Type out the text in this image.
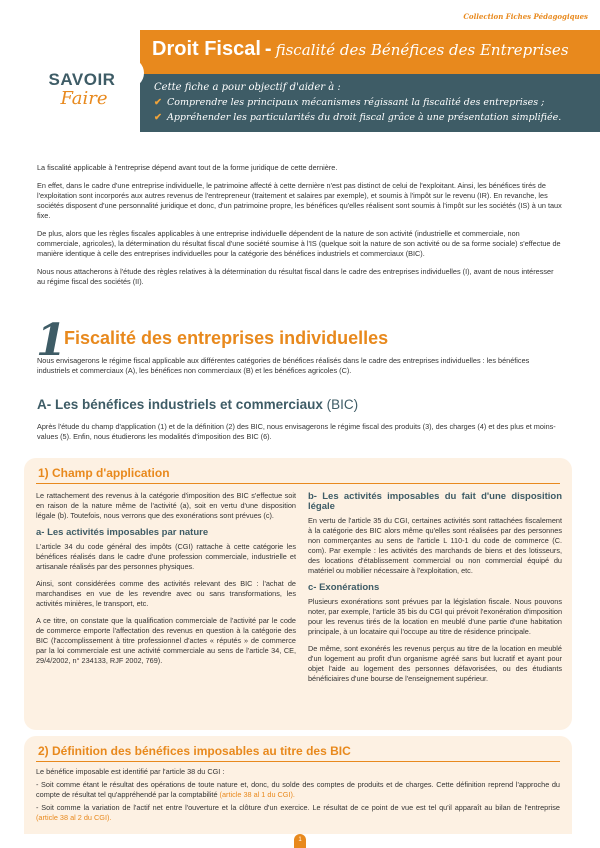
Collection Fiches Pédagogiques
SAVOIR
Faire
Droit Fiscal - fiscalité des Bénéfices des Entreprises
Cette fiche a pour objectif d'aider à :
✔ Comprendre les principaux mécanismes régissant la fiscalité des entreprises ;
✔ Appréhender les particularités du droit fiscal grâce à une présentation simplifiée.

La fiscalité applicable à l'entreprise dépend avant tout de la forme juridique de cette dernière.

En effet, dans le cadre d'une entreprise individuelle, le patrimoine affecté à cette dernière n'est pas distinct de celui de l'exploitant. Ainsi, les bénéfices tirés de l'exploitation sont incorporés aux autres revenus de l'entrepreneur (traitement et salaires par exemple), et soumis à l'impôt sur le revenu (IR). En revanche, les sociétés disposent d'une personnalité juridique et donc, d'un patrimoine propre, les bénéfices qu'elles réalisent sont soumis à l'impôt sur les sociétés (IS) à un taux fixe.

De plus, alors que les règles fiscales applicables à une entreprise individuelle dépendent de la nature de son activité (industrielle et commerciale, non commerciale, agricoles), la détermination du résultat fiscal d'une société soumise à l'IS (quelque soit la nature de son activité ou de sa forme sociale) s'effectue de manière identique à celle des entreprises individuelles pour la catégorie des bénéfices industriels et commerciaux (BIC).

Nous nous attacherons à l'étude des règles relatives à la détermination du résultat fiscal dans le cadre des entreprises individuelles (I), avant de nous intéresser au régime fiscal des sociétés (II).

1
Fiscalité des entreprises individuelles
Nous envisagerons le régime fiscal applicable aux différentes catégories de bénéfices réalisés dans le cadre des entreprises individuelles : les bénéfices industriels et commerciaux (A), les bénéfices non commerciaux (B) et les bénéfices agricoles (C).
A- Les bénéfices industriels et commerciaux (BIC)
Après l'étude du champ d'application (1) et de la définition (2) des BIC, nous envisagerons le régime fiscal des produits (3), des charges (4) et des plus et moins-values (5). Enfin, nous étudierons les modalités d'imposition des BIC (6).
1) Champ d'application

Le rattachement des revenus à la catégorie d'imposition des BIC s'effectue soit en raison de la nature même de l'activité (a), soit en vertu d'une disposition légale (b). Toutefois, nous verrons que des exonérations sont prévues (c).

a- Les activités imposables par nature

L'article 34 du code général des impôts (CGI) rattache à cette catégorie les bénéfices réalisés dans le cadre d'une profession commerciale, industrielle et artisanale réalisés par des personnes physiques.

Ainsi, sont considérées comme des activités relevant des BIC : l'achat de marchandises en vue de les revendre avec ou sans transformations, les activités minières, le transport, etc.

A ce titre, on constate que la qualification commerciale de l'activité par le code de commerce emporte l'affectation des revenus en question à la catégorie des BIC (l'accomplissement à titre professionnel d'actes « réputés » de commerce par la loi commerciale est une activité commerciale au sens de l'article 34, CE, 29/4/2002, n° 234133, RJF 2002, 769).

b- Les activités imposables du fait d'une disposition légale

En vertu de l'article 35 du CGI, certaines activités sont rattachées fiscalement à la catégorie des BIC alors même qu'elles sont réalisées par des personnes non commerçantes au sens de l'article L 110-1 du code de commerce (C. com). Par exemple : les activités des marchands de biens et des lotisseurs, des locations d'établissement commercial ou non commercial équipé du matériel ou mobilier nécessaire à l'exploitation, etc.

c- Exonérations

Plusieurs exonérations sont prévues par la législation fiscale. Nous pouvons noter, par exemple, l'article 35 bis du CGI qui prévoit l'exonération d'imposition pour les revenus tirés de la location en meublé d'une partie d'une habitation principale, à un locataire qui l'occupe au titre de résidence principale.

De même, sont exonérés les revenus perçus au titre de la location en meublé d'un logement au profit d'un organisme agréé sans but lucratif et ayant pour objet l'aide au logement des personnes défavorisées, ou des étudiants bénéficiaires d'une bourse de l'enseignement supérieur.

2) Définition des bénéfices imposables au titre des BIC

Le bénéfice imposable est identifié par l'article 38 du CGI :

- Soit comme étant le résultat des opérations de toute nature et, donc, du solde des comptes de produits et de charges. Cette définition reprend l'approche du compte de résultat tel qu'appréhendé par la comptabilité (article 38 al 1 du CGI).

- Soit comme la variation de l'actif net entre l'ouverture et la clôture d'un exercice. Le résultat de ce point de vue est tel qu'il apparaît au bilan de l'entreprise (article 38 al 2 du CGI).

1
